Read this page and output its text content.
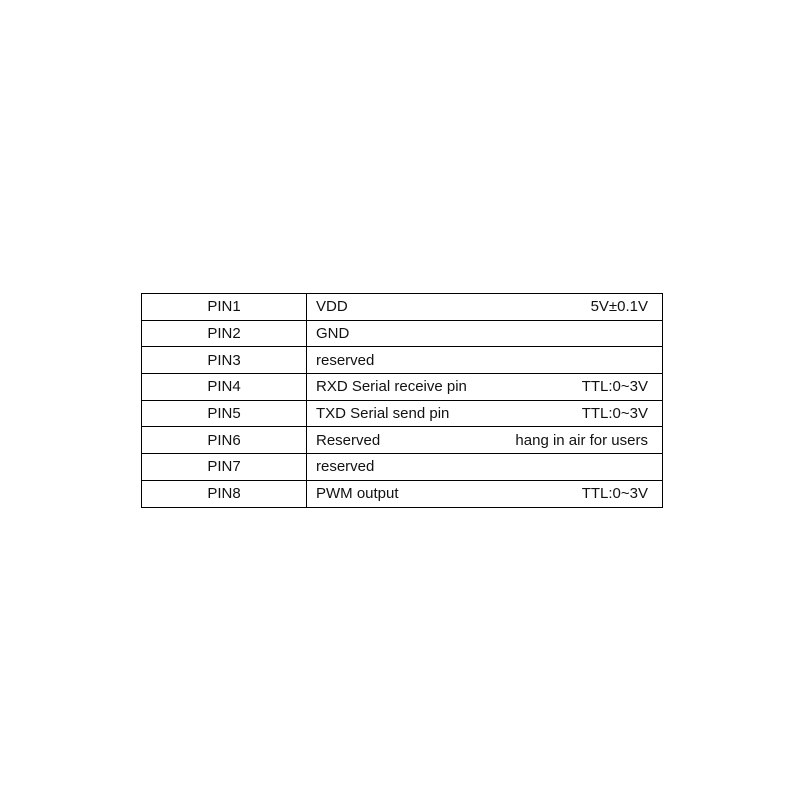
PIN1	VDD 5V±0.1V

PIN2	GND

PIN3	reserved

PIN4	RXD Serial receive pin TTL:0~3V

PIN5	TXD Serial send pin TTL:0~3V

PIN6	Reserved hang in air for users

PIN7	reserved

PIN8	PWM output TTL:0~3V
